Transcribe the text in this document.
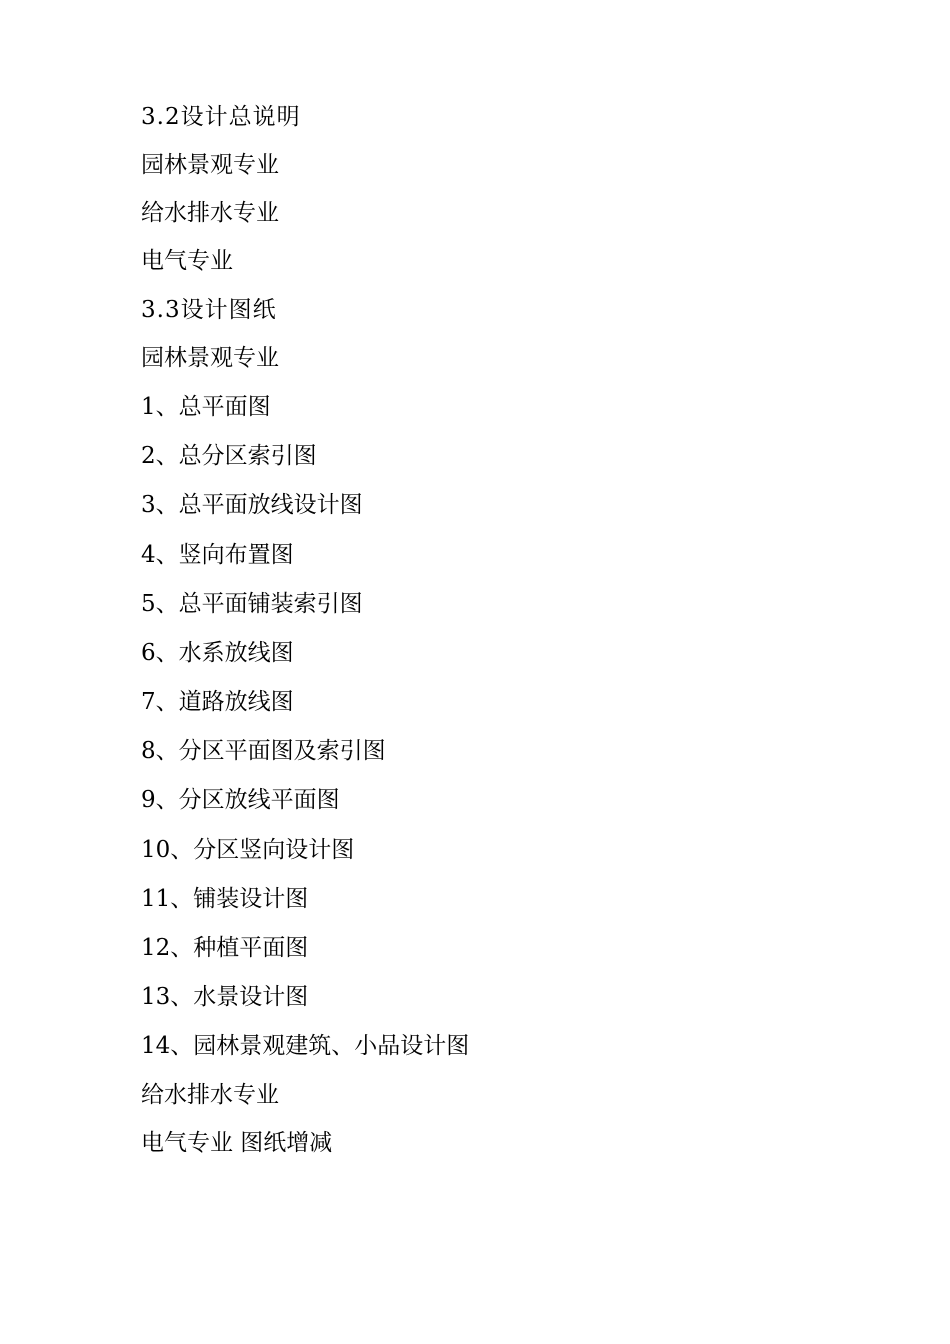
3.2设计总说明

园林景观专业

给水排水专业

电气专业

3.3设计图纸

园林景观专业

1、总平面图

2、总分区索引图

3、总平面放线设计图

4、竖向布置图

5、总平面铺装索引图

6、水系放线图

7、道路放线图

8、分区平面图及索引图

9、分区放线平面图

10、分区竖向设计图

11、铺装设计图

12、种植平面图

13、水景设计图

14、园林景观建筑、小品设计图

给水排水专业

电气专业 图纸增减
